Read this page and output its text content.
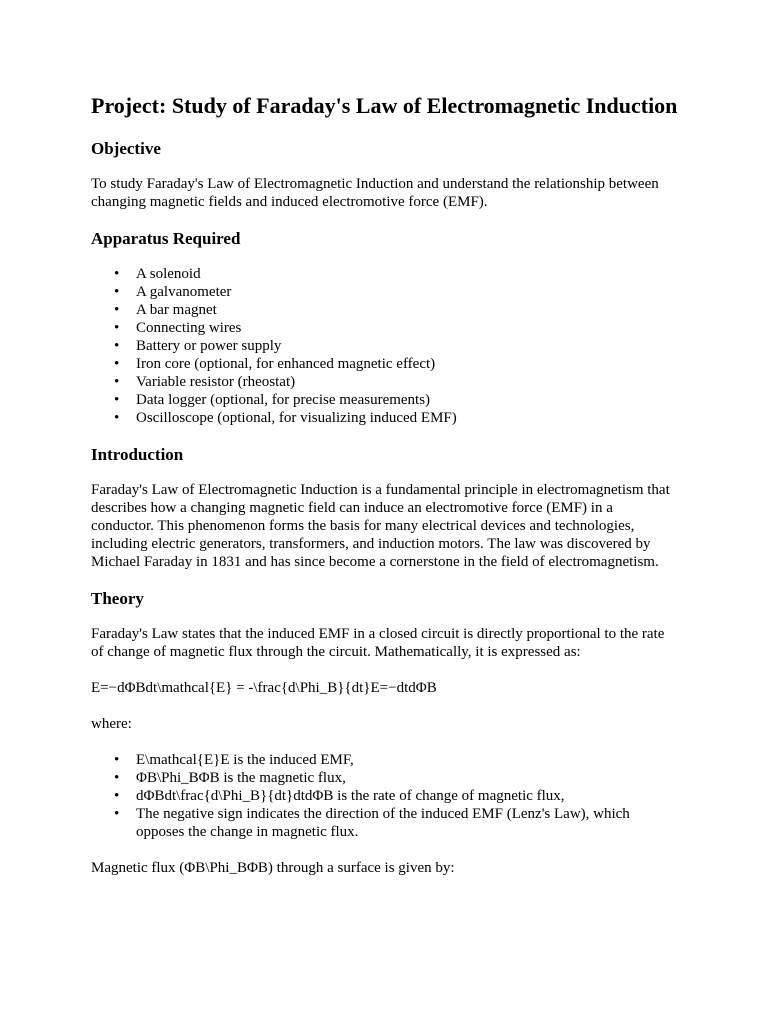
Project: Study of Faraday's Law of Electromagnetic Induction
Objective

To study Faraday's Law of Electromagnetic Induction and understand the relationship between changing magnetic fields and induced electromotive force (EMF).

Apparatus Required
• A solenoid
• A galvanometer
• A bar magnet
• Connecting wires
• Battery or power supply
• Iron core (optional, for enhanced magnetic effect)
• Variable resistor (rheostat)
• Data logger (optional, for precise measurements)
• Oscilloscope (optional, for visualizing induced EMF)
Introduction

Faraday's Law of Electromagnetic Induction is a fundamental principle in electromagnetism that describes how a changing magnetic field can induce an electromotive force (EMF) in a conductor. This phenomenon forms the basis for many electrical devices and technologies, including electric generators, transformers, and induction motors. The law was discovered by Michael Faraday in 1831 and has since become a cornerstone in the field of electromagnetism.

Theory

Faraday's Law states that the induced EMF in a closed circuit is directly proportional to the rate of change of magnetic flux through the circuit. Mathematically, it is expressed as:

E=−dΦBdt\mathcal{E} = -\frac{d\Phi_B}{dt}E=−dtdΦB

where:

• E\mathcal{E}E is the induced EMF,
• ΦB\Phi_BΦB is the magnetic flux,
• dΦBdt\frac{d\Phi_B}{dt}dtdΦB is the rate of change of magnetic flux,
• The negative sign indicates the direction of the induced EMF (Lenz's Law), which opposes the change in magnetic flux.

Magnetic flux (ΦB\Phi_BΦB) through a surface is given by:
